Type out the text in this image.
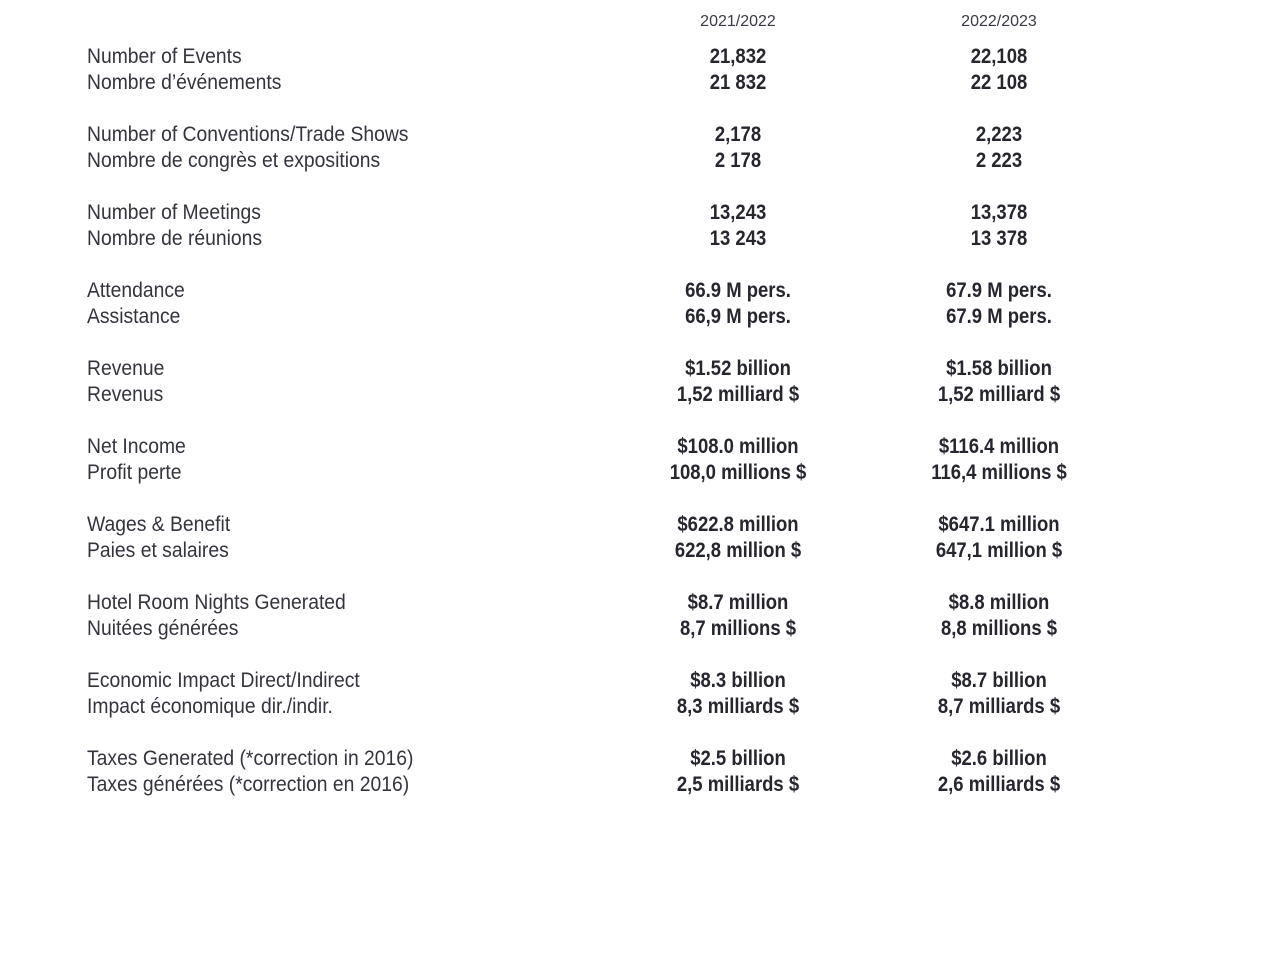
2021/2022	2022/2023
Number of Events
Nombre d’événements
21,832
21 832
22,108
22 108
Number of Conventions/Trade Shows
Nombre de congrès et expositions
2,178
2 178
2,223
2 223
Number of Meetings
Nombre de réunions
13,243
13 243
13,378
13 378
Attendance
Assistance
66.9 M pers.
66,9 M pers.
67.9 M pers.
67.9 M pers.
Revenue
Revenus
$1.52 billion
1,52 milliard $
$1.58 billion
1,52 milliard $
Net Income
Profit perte
$108.0 million
108,0 millions $
$116.4 million
116,4 millions $
Wages & Benefit
Paies et salaires
$622.8 million
622,8 million $
$647.1 million
647,1 million $
Hotel Room Nights Generated
Nuitées générées
$8.7 million
8,7 millions $
$8.8 million
8,8 millions $
Economic Impact Direct/Indirect
Impact économique dir./indir.
$8.3 billion
8,3 milliards $
$8.7 billion
8,7 milliards $
Taxes Generated (*correction in 2016)
Taxes générées (*correction en 2016)
$2.5 billion
2,5 milliards $
$2.6 billion
2,6 milliards $
